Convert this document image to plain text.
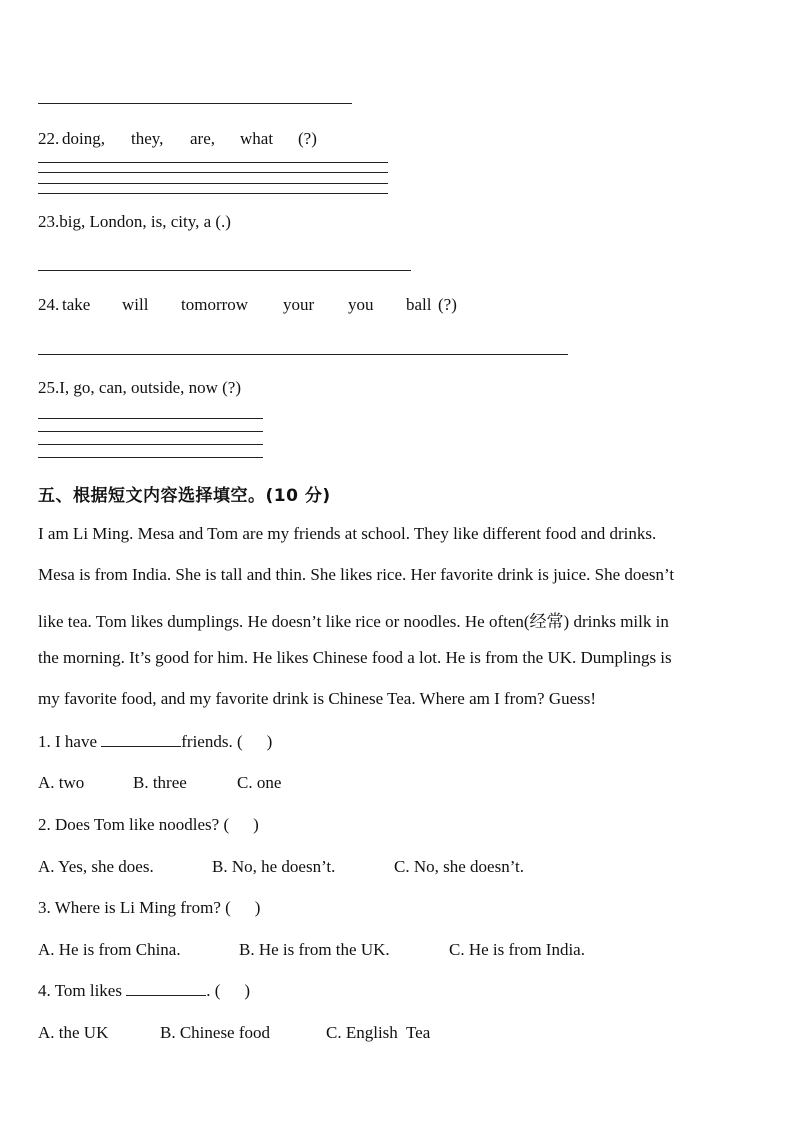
22. doing, they, are, what (?)
23.big, London, is, city, a (.)
24. take will tomorrow your you ball (?)
25.I, go, can, outside, now (?)
五、根据短文内容选择填空。(10 分)
I am Li Ming. Mesa and Tom are my friends at school. They like different food and drinks.
Mesa is from India. She is tall and thin. She likes rice. Her favorite drink is juice. She doesn’t
like tea. Tom likes dumplings. He doesn’t like rice or noodles. He often(经常) drinks milk in
the morning. It’s good for him. He likes Chinese food a lot. He is from the UK. Dumplings is
my favorite food, and my favorite drink is Chinese Tea. Where am I from? Guess!
1. I have	friends. ( )
A. two	B. three	C. one
2. Does Tom like noodles? ( )
A. Yes, she does.	B. No, he doesn’t.	C. No, she doesn’t.
3. Where is Li Ming from? ( )
A. He is from China.	B. He is from the UK.	C. He is from India.
4. Tom likes	. ( )
A. the UK	B. Chinese food	C. English  Tea
